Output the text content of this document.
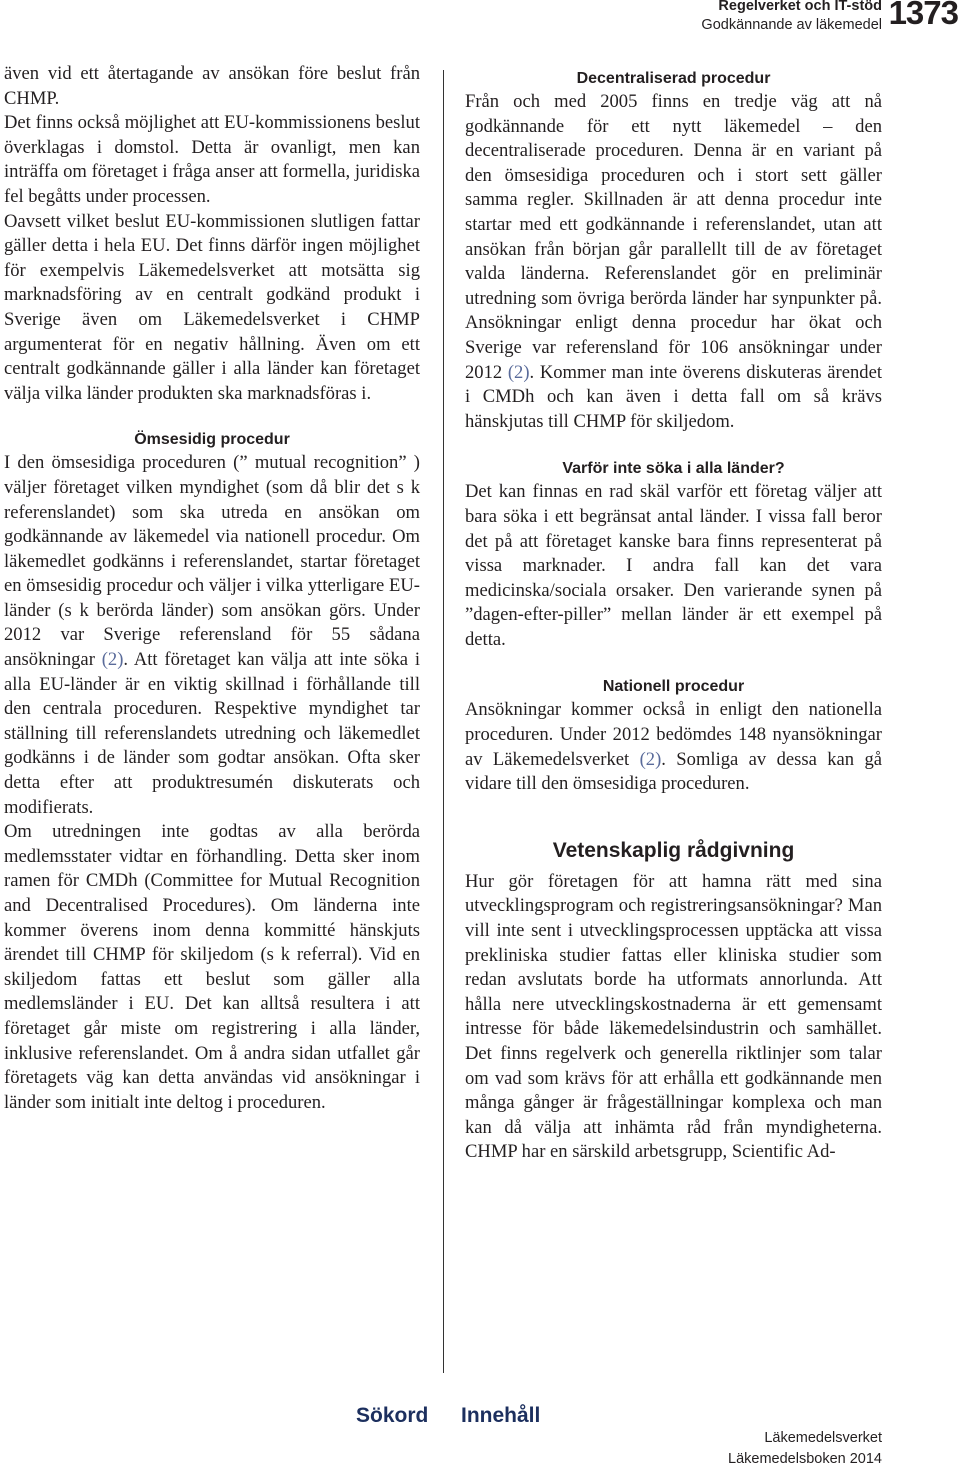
Regelverket och IT-stöd
Godkännande av läkemedel 1373

även vid ett återtagande av ansökan före beslut från CHMP.

Det finns också möjlighet att EU-kommissionens beslut överklagas i domstol. Detta är ovanligt, men kan inträffa om företaget i fråga anser att formella, juridiska fel begåtts under processen.

Oavsett vilket beslut EU-kommissionen slutligen fattar gäller detta i hela EU. Det finns därför ingen möjlighet för exempelvis Läkemedelsverket att motsätta sig marknadsföring av en centralt godkänd produkt i Sverige även om Läkemedelsverket i CHMP argumenterat för en negativ hållning. Även om ett centralt godkännande gäller i alla länder kan företaget välja vilka länder produkten ska marknadsföras i.

Ömsesidig procedur

I den ömsesidiga proceduren (” mutual recognition” ) väljer företaget vilken myndighet (som då blir det s k referenslandet) som ska utreda en ansökan om godkännande av läkemedel via nationell procedur. Om läkemedlet godkänns i referenslandet, startar företaget en ömsesidig procedur och väljer i vilka ytterligare EU-länder (s k berörda länder) som ansökan görs. Under 2012 var Sverige referensland för 55 sådana ansökningar (2). Att företaget kan välja att inte söka i alla EU-länder är en viktig skillnad i förhållande till den centrala proceduren. Respektive myndighet tar ställning till referenslandets utredning och läkemedlet godkänns i de länder som godtar ansökan. Ofta sker detta efter att produktresumén diskuterats och modifierats.

Om utredningen inte godtas av alla berörda medlemsstater vidtar en förhandling. Detta sker inom ramen för CMDh (Committee for Mutual Recognition and Decentralised Procedures). Om länderna inte kommer överens inom denna kommitté hänskjuts ärendet till CHMP för skiljedom (s k referral). Vid en skiljedom fattas ett beslut som gäller alla medlemsländer i EU. Det kan alltså resultera i att företaget går miste om registrering i alla länder, inklusive referenslandet. Om å andra sidan utfallet går företagets väg kan detta användas vid ansökningar i länder som initialt inte deltog i proceduren.

Decentraliserad procedur

Från och med 2005 finns en tredje väg att nå godkännande för ett nytt läkemedel – den decentraliserade proceduren. Denna är en variant på den ömsesidiga proceduren och i stort sett gäller samma regler. Skillnaden är att denna procedur inte startar med ett godkännande i referenslandet, utan att ansökan från början går parallellt till de av företaget valda länderna. Referenslandet gör en preliminär utredning som övriga berörda länder har synpunkter på. Ansökningar enligt denna procedur har ökat och Sverige var referensland för 106 ansökningar under 2012 (2). Kommer man inte överens diskuteras ärendet i CMDh och kan även i detta fall om så krävs hänskjutas till CHMP för skiljedom.

Varför inte söka i alla länder?

Det kan finnas en rad skäl varför ett företag väljer att bara söka i ett begränsat antal länder. I vissa fall beror det på att företaget kanske bara finns representerat på vissa marknader. I andra fall kan det vara medicinska/sociala orsaker. Den varierande synen på ”dagen-efter-piller” mellan länder är ett exempel på detta.

Nationell procedur

Ansökningar kommer också in enligt den nationella proceduren. Under 2012 bedömdes 148 nyansökningar av Läkemedelsverket (2). Somliga av dessa kan gå vidare till den ömsesidiga proceduren.

Vetenskaplig rådgivning

Hur gör företagen för att hamna rätt med sina utvecklingsprogram och registreringsansökningar? Man vill inte sent i utvecklingsprocessen upptäcka att vissa prekliniska studier fattas eller kliniska studier som redan avslutats borde ha utformats annorlunda. Att hålla nere utvecklingskostnaderna är ett gemensamt intresse för både läkemedelsindustrin och samhället. Det finns regelverk och generella riktlinjer som talar om vad som krävs för att erhålla ett godkännande men många gånger är frågeställningar komplexa och man kan då välja att inhämta råd från myndigheterna. CHMP har en särskild arbetsgrupp, Scientific Ad-

Sökord Innehåll
Läkemedelsverket
Läkemedelsboken 2014
